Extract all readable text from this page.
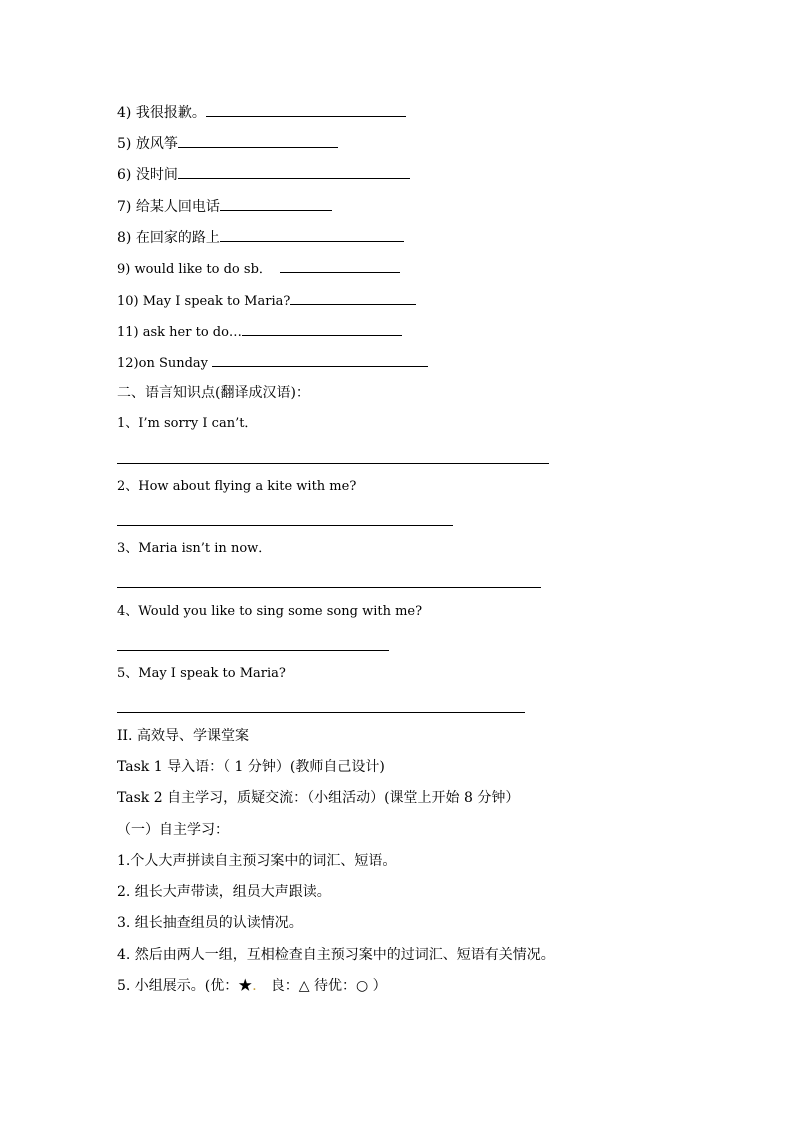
4) 我很报歉。
5) 放风筝
6) 没时间
7) 给某人回电话
8) 在回家的路上
9) would like to do sb．
10) May I speak to Maria?
11) ask her to do…
12)on Sunday
二、语言知识点(翻译成汉语)：
1、I’m sorry I can’t．
2、How about flying a kite with me?
3、Maria isn’t in now．
4、Would you like to sing some song with me?
5、May I speak to Maria?
II. 高效导、学课堂案
Task 1 导入语：（ 1 分钟）(教师自己设计)
Task 2 自主学习，质疑交流：（小组活动）(课堂上开始 8 分钟）
（一）自主学习：
1.个人大声拼读自主预习案中的词汇、短语。
2. 组长大声带读，组员大声跟读。
3. 组长抽查组员的认读情况。
4. 然后由两人一组，互相检查自主预习案中的过词汇、短语有关情况。
5. 小组展示。(优：★． 良：△ 待优：○ ）
